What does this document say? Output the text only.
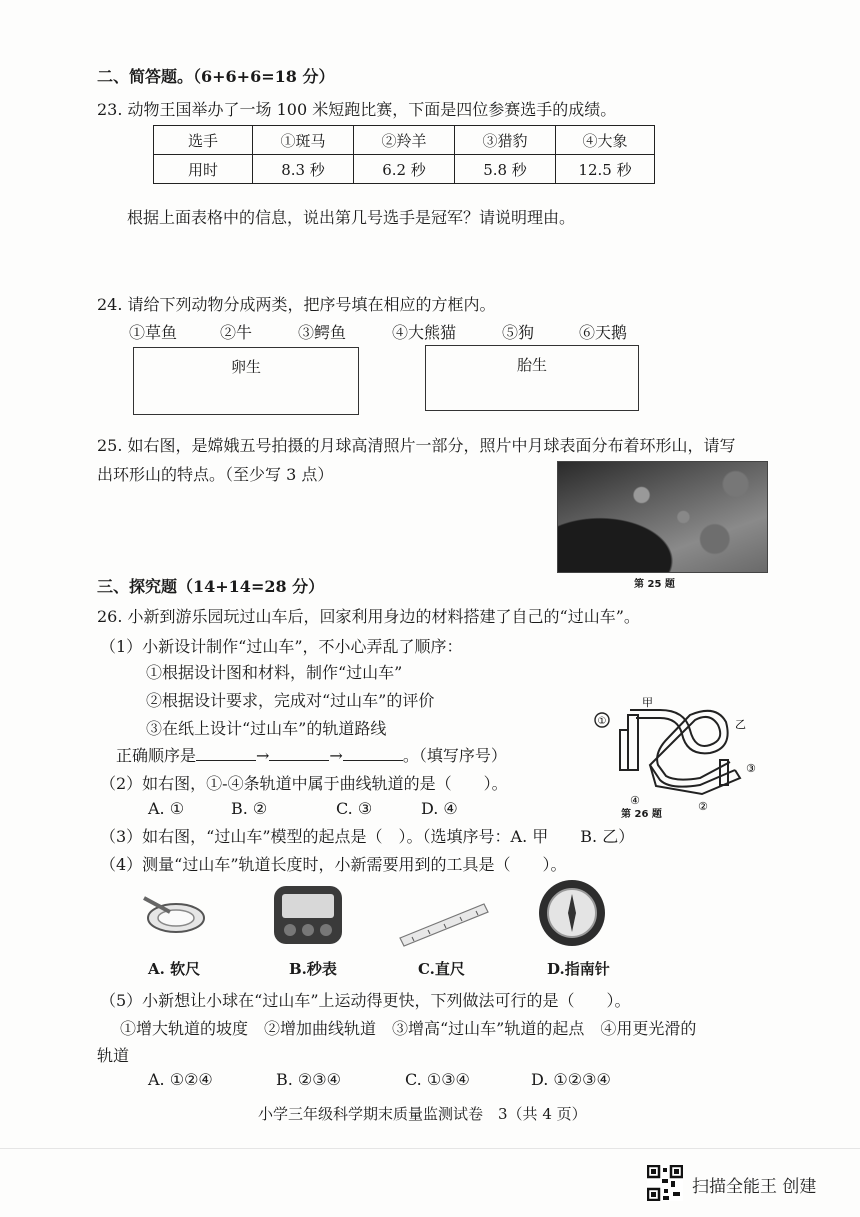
二、简答题。（6+6+6=18 分）
23. 动物王国举办了一场 100 米短跑比赛，下面是四位参赛选手的成绩。
选手	①斑马	②羚羊	③猎豹	④大象
用时	8.3 秒	6.2 秒	5.8 秒	12.5 秒
根据上面表格中的信息，说出第几号选手是冠军？请说明理由。
24. 请给下列动物分成两类，把序号填在相应的方框内。
①草鱼	②牛	③鳄鱼	④大熊猫	⑤狗	⑥天鹅
卵生	胎生
25. 如右图，是嫦娥五号拍摄的月球高清照片一部分，照片中月球表面分布着环形山，请写
出环形山的特点。（至少写 3 点）
第 25 题
三、探究题（14+14=28 分）
26. 小新到游乐园玩过山车后，回家利用身边的材料搭建了自己的“过山车”。
（1）小新设计制作“过山车”，不小心弄乱了顺序：
①根据设计图和材料，制作“过山车”
②根据设计要求，完成对“过山车”的评价
③在纸上设计“过山车”的轨道路线
正确顺序是	→	→	。（填写序号）
（2）如右图，①-④条轨道中属于曲线轨道的是（　　）。
A. ①	B. ②	C. ③	D. ④
①
甲
乙
③
④	②
第 26 题
（3）如右图，“过山车”模型的起点是（　）。（选填序号：A. 甲　　B. 乙）
（4）测量“过山车”轨道长度时，小新需要用到的工具是（　　）。
A. 软尺	B.秒表	C.直尺	D.指南针
（5）小新想让小球在“过山车”上运动得更快，下列做法可行的是（　　）。
①增大轨道的坡度　②增加曲线轨道　③增高“过山车”轨道的起点　④用更光滑的
轨道
A. ①②④	B. ②③④	C. ①③④	D. ①②③④
小学三年级科学期末质量监测试卷　3（共 4 页）
扫描全能王 创建
